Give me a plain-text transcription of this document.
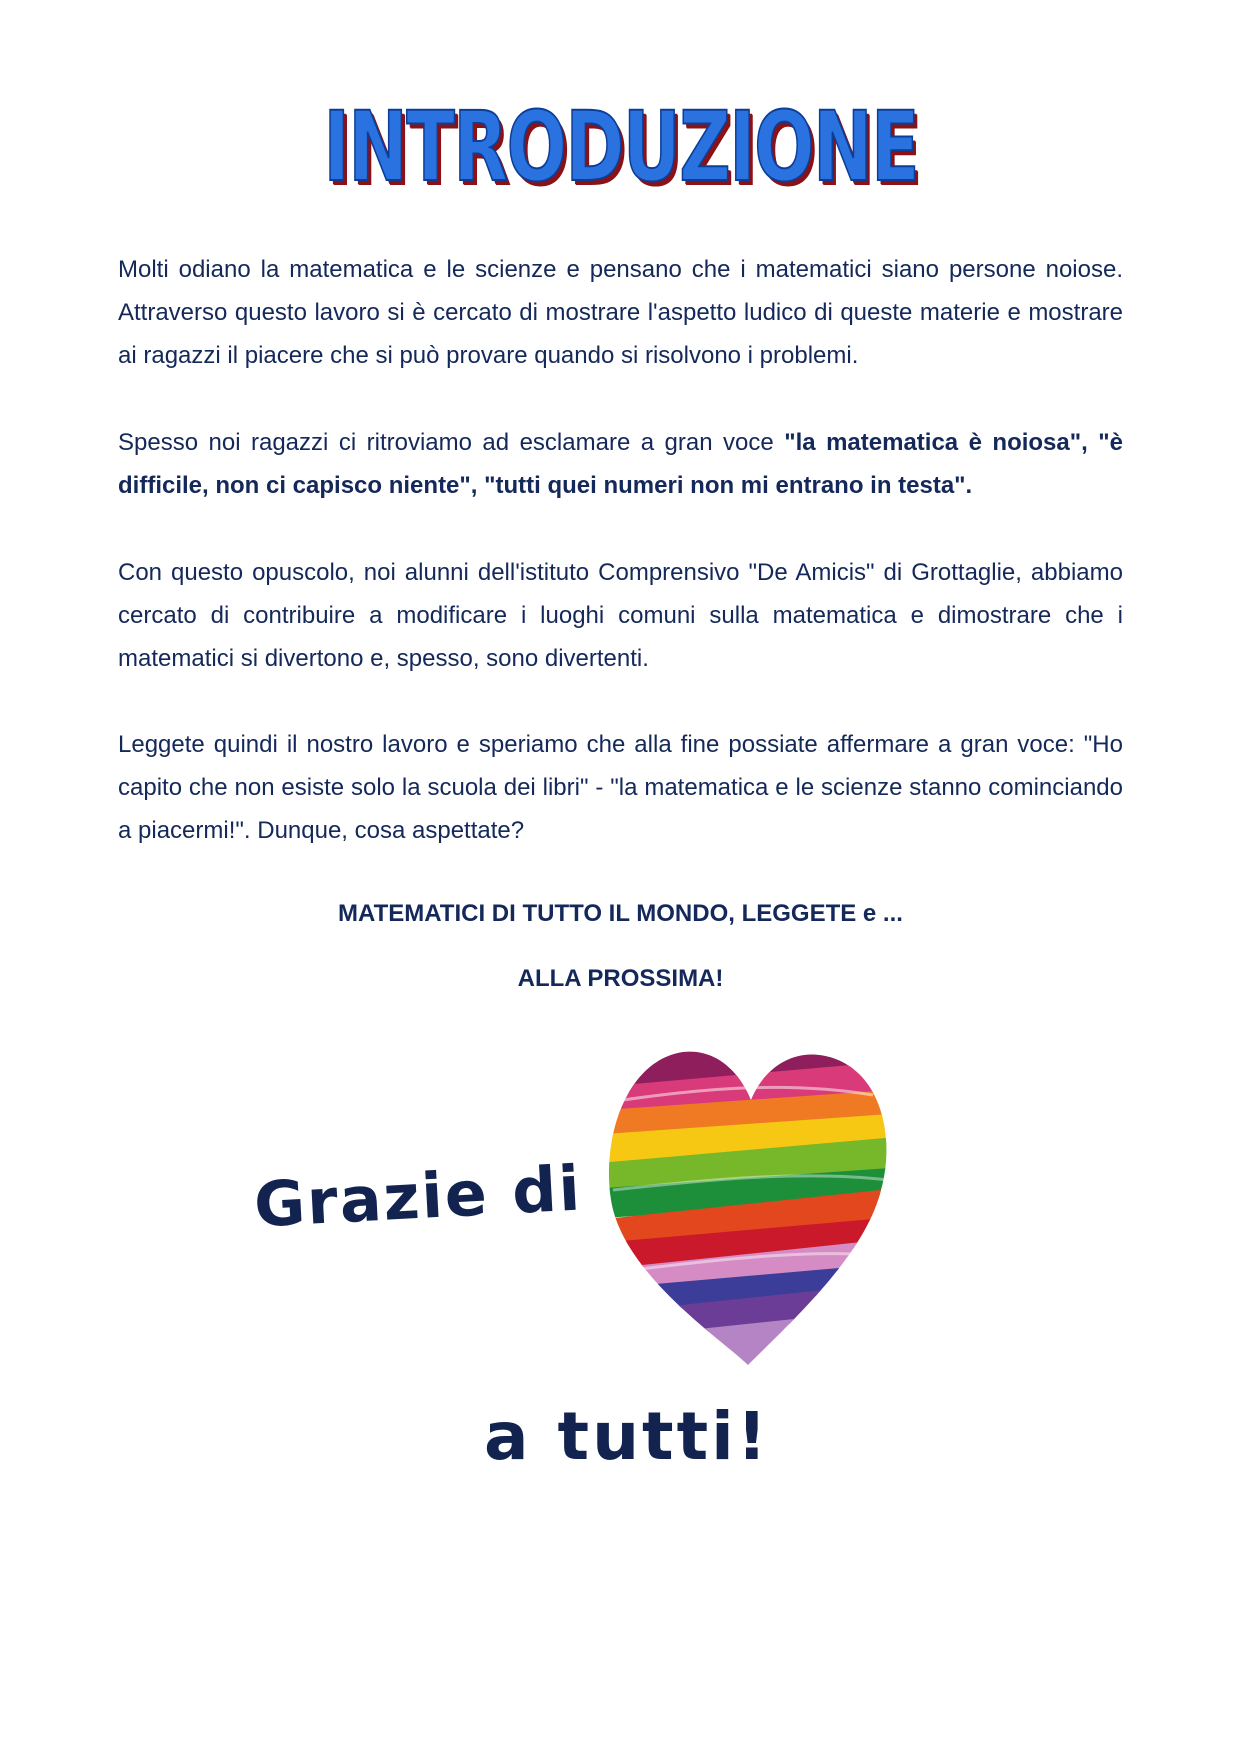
INTRODUZIONE

Molti odiano la matematica e le scienze e pensano che i matematici siano persone noiose. Attraverso questo lavoro si è cercato di mostrare l'aspetto ludico di queste materie e mostrare ai ragazzi il piacere che si può provare quando si risolvono i problemi.

Spesso noi ragazzi ci ritroviamo ad esclamare a gran voce "la matematica è noiosa", "è difficile, non ci capisco niente", "tutti quei numeri non mi entrano in testa".

Con questo opuscolo, noi alunni dell'istituto Comprensivo "De Amicis" di Grottaglie, abbiamo cercato di contribuire a modificare i luoghi comuni sulla matematica e dimostrare che i matematici si divertono e, spesso, sono divertenti.

Leggete quindi il nostro lavoro e speriamo che alla fine possiate affermare a gran voce: "Ho capito che non esiste solo la scuola dei libri" - "la matematica e le scienze stanno cominciando a piacermi!". Dunque, cosa aspettate?

MATEMATICI DI TUTTO IL MONDO, LEGGETE e ...

ALLA PROSSIMA!

Grazie di
a tutti!
